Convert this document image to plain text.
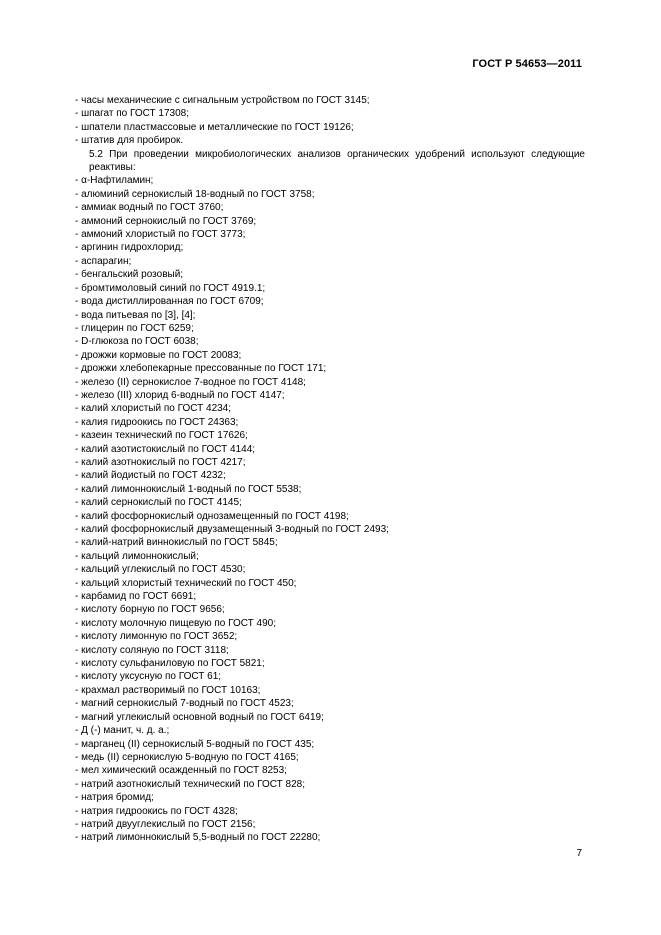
ГОСТ Р 54653—2011
- часы механические с сигнальным устройством по ГОСТ 3145;
- шпагат по ГОСТ 17308;
- шпатели пластмассовые и металлические по ГОСТ 19126;
- штатив для пробирок.
5.2 При проведении микробиологических анализов органических удобрений используют следующие реактивы:
- α-Нафтиламин;
- алюминий сернокислый 18-водный по ГОСТ 3758;
- аммиак водный по ГОСТ 3760;
- аммоний сернокислый по ГОСТ 3769;
- аммоний хлористый по ГОСТ 3773;
- аргинин гидрохлорид;
- аспарагин;
- бенгальский розовый;
- бромтимоловый синий по ГОСТ 4919.1;
- вода дистиллированная по ГОСТ 6709;
- вода питьевая по [3], [4];
- глицерин по ГОСТ 6259;
- D-глюкоза по ГОСТ 6038;
- дрожжи кормовые по ГОСТ 20083;
- дрожжи хлебопекарные прессованные по ГОСТ 171;
- железо (II) сернокислое 7-водное по ГОСТ 4148;
- железо (III) хлорид 6-водный по ГОСТ 4147;
- калий хлористый по ГОСТ 4234;
- калия гидроокись по ГОСТ 24363;
- казеин технический по ГОСТ 17626;
- калий азотистокислый по ГОСТ 4144;
- калий азотнокислый по ГОСТ 4217;
- калий йодистый по ГОСТ 4232;
- калий лимоннокислый 1-водный по ГОСТ 5538;
- калий сернокислый по ГОСТ 4145;
- калий фосфорнокислый однозамещенный по ГОСТ 4198;
- калий фосфорнокислый двузамещенный 3-водный по ГОСТ 2493;
- калий-натрий виннокислый по ГОСТ 5845;
- кальций лимоннокислый;
- кальций углекислый по ГОСТ 4530;
- кальций хлористый технический по ГОСТ 450;
- карбамид по ГОСТ 6691;
- кислоту борную по ГОСТ 9656;
- кислоту молочную пищевую по ГОСТ 490;
- кислоту лимонную по ГОСТ 3652;
- кислоту соляную по ГОСТ 3118;
- кислоту сульфаниловую по ГОСТ 5821;
- кислоту уксусную по ГОСТ 61;
- крахмал растворимый по ГОСТ 10163;
- магний сернокислый 7-водный по ГОСТ 4523;
- магний углекислый основной водный по ГОСТ 6419;
- Д (-) манит, ч. д. а.;
- марганец (II) сернокислый 5-водный по ГОСТ 435;
- медь (II) сернокислую 5-водную по ГОСТ 4165;
- мел химический осажденный по ГОСТ 8253;
- натрий азотнокислый технический по ГОСТ 828;
- натрия бромид;
- натрия гидроокись по ГОСТ 4328;
- натрий двууглекислый по ГОСТ 2156;
- натрий лимоннокислый 5,5-водный по ГОСТ 22280;
7
